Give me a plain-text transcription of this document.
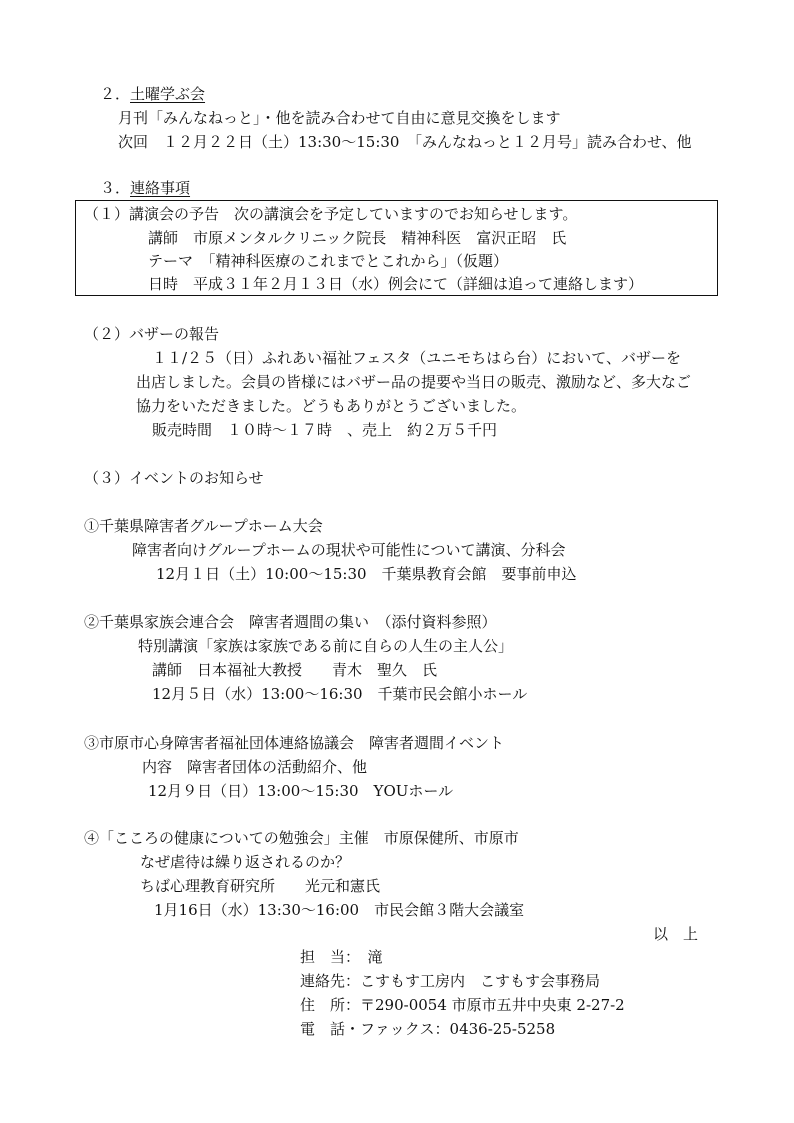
２．土曜学ぶ会
月刊「みんなねっと」・他を読み合わせて自由に意見交換をします
次回　１２月２２日（土）13:30～15:30　「みんなねっと１２月号」読み合わせ、他
３．連絡事項
（１）講演会の予告　次の講演会を予定していますのでお知らせします。
講師　市原メンタルクリニック院長　精神科医　富沢正昭　氏
テーマ　「精神科医療のこれまでとこれから」（仮題）
日時　平成３１年２月１３日（水）例会にて（詳細は追って連絡します）
（２）バザーの報告
１１/２５（日）ふれあい福祉フェスタ（ユニモちはら台）において、バザーを
出店しました。会員の皆様にはバザー品の提要や当日の販売、激励など、多大なご
協力をいただきました。どうもありがとうございました。
販売時間　１０時～１７時　、売上　約２万５千円
（３）イベントのお知らせ
①千葉県障害者グループホーム大会
障害者向けグループホームの現状や可能性について講演、分科会
12月１日（土）10:00～15:30　千葉県教育会館　要事前申込
②千葉県家族会連合会　障害者週間の集い　（添付資料参照）
特別講演「家族は家族である前に自らの人生の主人公」
講師　日本福祉大教授　　青木　聖久　氏
12月５日（水）13:00～16:30　千葉市民会館小ホール
③市原市心身障害者福祉団体連絡協議会　障害者週間イベント
内容　障害者団体の活動紹介、他
12月９日（日）13:00～15:30　YOUホール
④「こころの健康についての勉強会」主催　市原保健所、市原市
なぜ虐待は繰り返されるのか？
ちば心理教育研究所　　光元和憲氏
1月16日（水）13:30～16:00　市民会館３階大会議室
以　上
担　当：　滝
連絡先：こすもす工房内　こすもす会事務局
住　所：〒290-0054 市原市五井中央東 2-27-2
電　話・ファックス：0436-25-5258
